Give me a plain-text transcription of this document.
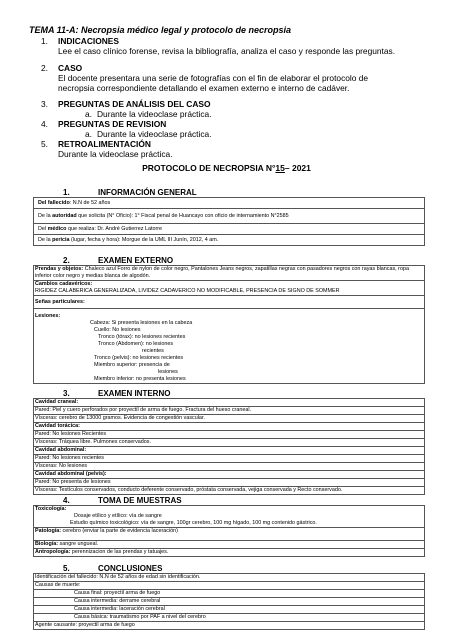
TEMA 11-A: Necropsia médico legal y protocolo de necropsia
1. INDICACIONES
Lee el caso clínico forense, revisa la bibliografía, analiza el caso y responde las preguntas.
2. CASO
El docente presentara una serie de fotografías con el fin de elaborar el protocolo de necropsia correspondiente detallando el examen externo e interno de cadáver.
3. PREGUNTAS DE ANÁLISIS DEL CASO
a. Durante la videoclase práctica.
4. PREGUNTAS DE REVISION
a. Durante la videoclase práctica.
5. RETROALIMENTACIÓN
Durante la videoclase práctica.
PROTOCOLO DE NECROPSIA N°15– 2021
1.	INFORMACIÓN GENERAL
Del fallecido: N.N de 52 años
De la autoridad que solicita (N° Oficio): 1° Fiscal penal de Huancayo con oficio de internamiento N°2585
Del médico que realiza: Dr. André Gutierrez Latorre
De la pericia (lugar, fecha y hora): Morgue de la UML III Junín, 2012, 4 am.
2.	EXAMEN EXTERNO
Prendas y objetos: Chaleco azul Forro de nylon de color negro, Pantalones Jeans negros, zapatillas negras con pasadores negros con rayas blancas, ropa inferior color negro y medias blanca de algodón.
Cambios cadavéricos:
RIGIDEZ CALABERICA GENERALIZADA, LIVIDEZ CADAVERICO NO MODIFICABLE, PRESENCIA DE SIGNO DE SOMMER
Señas particulares:
Lesiones:
Cabeza: Si presenta lesiones en la cabeza
Cuello: No lesiones
Tronco (tórax): no lesiones recientes
Tronco (Abdomen): no lesiones
recientes
Tronco (pelvis): no lesiones recientes
Miembro superior: presencia de
lesiones
Miembro inferior: no presenta lesiones
3.	EXAMEN INTERNO
Cavidad craneal:
Pared: Piel y cuero perforados por proyectil de arma de fuego. Fractura del hueso craneal.
Vísceras: cerebro de 13000 gramos. Evidencia de congestión vascular.
Cavidad torácica:
Pared: No lesiones Recientes
Vísceras: Tráquea libre. Pulmones conservados.
Cavidad abdominal:
Pared: No lesiones recientes
Vísceras: No lesiones
Cavidad abdominal (pelvis):
Pared: No presenta de lesiones
Vísceras: Testículos conservados, conducto deferente conservado, próstata conservada, vejiga conservada y Recto conservado.
4.	TOMA DE MUESTRAS
Toxicología:
Dosaje etílico y etílico: vía de sangre
Estudio químico toxicológico: vía de sangre, 100gr cerebro, 100 mg hígado, 100 mg contenido gástrico.
Patología: cerebro (enviar la parte de evidencia laceración)
Biología: sangre ungueal.
Antropología: perennizacion de las prendas y tatuajes.
5.	CONCLUSIONES
Identificación del fallecido: N.N de 52 años de edad sin identificación.
Causas de muerte:
Causa final: proyectil arma de fuego
Causa intermedia: derrame cerebral
Causa intermedia: laceración cerebral
Causa básica: traumatismo por PAF a nivel del cerebro
Agente causante: proyectil arma de fuego
